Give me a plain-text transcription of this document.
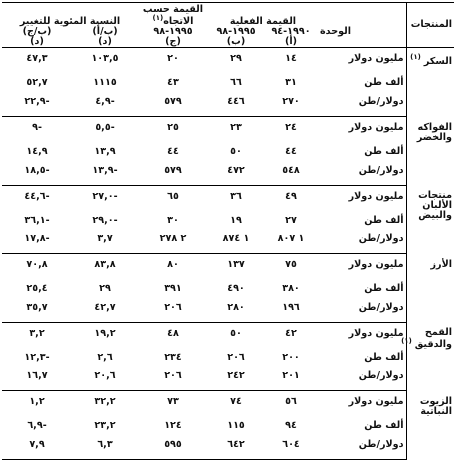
المنتجات	الوحدة	القيمة الفعلية		القيمة حسب
الاتجاه$^{(١)}$	النسبة المئوية للتغيير	
		١٩٩٠-٩٤	١٩٩٥-٩٨	١٩٩٥-٩٨	(ب/أ)	(ب/ج)
		(أ)	(ب)	(ج)	(د)	(د)
السكر$^{(١)}$	مليون دولار	١٤	٢٩	٢٠	١٠٣,٥	٤٧,٣
	ألف طن	٣١	٦٦	٤٣	١١١٥	٥٢,٧
	دولار/طن	٢٧٠	٤٤٦	٥٧٩	-٤,٩	-٢٢,٩
الفواكه
والخضر	مليون دولار	٢٤	٢٣	٢٥	-٥,٥	-٩
	ألف طن	٤٤	٥٠	٤٤	١٣,٩	١٤,٩
	دولار/طن	٥٤٨	٤٧٢	٥٧٩	-١٣,٩	-١٨,٥
منتجات
الألبان
والبيض	مليون دولار	٤٩	٣٦	٦٥	-٢٧,٠	-٤٤,٦
	ألف طن	٢٧	١٩	٣٠	-٢٩,٠	-٣٦,١
	دولار/طن	١ ٨٠٧	١ ٨٧٤	٢ ٢٧٨	٣,٧	-١٧,٨
الأرز	مليون دولار	٧٥	١٣٧	٨٠	٨٣,٨	٧٠,٨
	ألف طن	٣٨٠	٤٩٠	٣٩١	٢٩	٢٥,٤
	دولار/طن	١٩٦	٢٨٠	٢٠٦	٤٢,٧	٣٥,٧
القمح
والدقيق$^{(١)}$	مليون دولار	٤٢	٥٠	٤٨	١٩,٢	٣,٢
	ألف طن	٢٠٠	٢٠٦	٢٣٤	٢,٦	-١٢,٣
	دولار/طن	٢٠١	٢٤٢	٢٠٦	٢٠,٦	١٦,٧
الزيوت
النباتية	مليون دولار	٥٦	٧٤	٧٣	٣٢,٢	١,٢
	ألف طن	٩٤	١١٥	١٢٤	٢٣,٢	-٦,٩
	دولار/طن	٦٠٤	٦٤٢	٥٩٥	٦,٣	٧,٩
